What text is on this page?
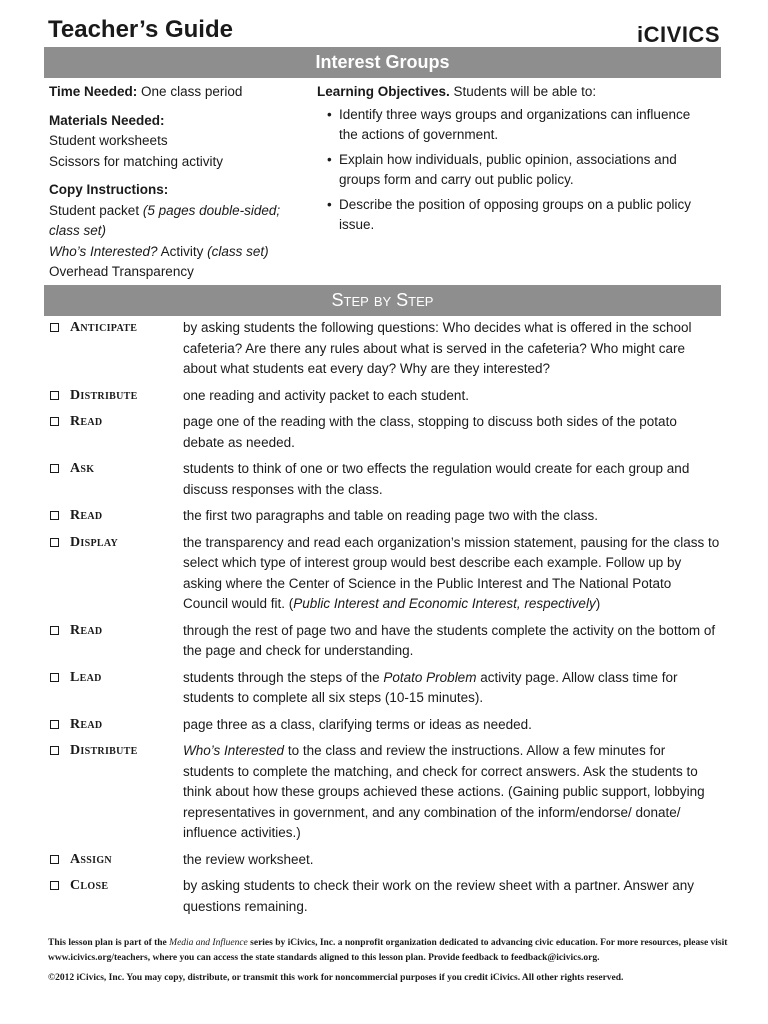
Teacher’s Guide	iCIVICS
Interest Groups
Time Needed: One class period
Materials Needed:
Student worksheets
Scissors for matching activity
Copy Instructions:
Student packet (5 pages double-sided; class set)
Who’s Interested? Activity (class set)
Overhead Transparency
Learning Objectives. Students will be able to:
• Identify three ways groups and organizations can influence the actions of government.
• Explain how individuals, public opinion, associations and groups form and carry out public policy.
• Describe the position of opposing groups on a public policy issue.
Step by Step
Anticipate	by asking students the following questions: Who decides what is offered in the school cafeteria? Are there any rules about what is served in the cafeteria? Who might care about what students eat every day? Why are they interested?
Distribute	one reading and activity packet to each student.
Read	page one of the reading with the class, stopping to discuss both sides of the potato debate as needed.
Ask	students to think of one or two effects the regulation would create for each group and discuss responses with the class.
Read	the first two paragraphs and table on reading page two with the class.
Display	the transparency and read each organization’s mission statement, pausing for the class to select which type of interest group would best describe each example. Follow up by asking where the Center of Science in the Public Interest and The National Potato Council would fit. (Public Interest and Economic Interest, respectively)
Read	through the rest of page two and have the students complete the activity on the bottom of the page and check for understanding.
Lead	students through the steps of the Potato Problem activity page. Allow class time for students to complete all six steps (10-15 minutes).
Read	page three as a class, clarifying terms or ideas as needed.
Distribute	Who’s Interested to the class and review the instructions. Allow a few minutes for students to complete the matching, and check for correct answers. Ask the students to think about how these groups achieved these actions. (Gaining public support, lobbying representatives in government, and any combination of the inform/endorse/ donate/ influence activities.)
Assign	the review worksheet.
Close	by asking students to check their work on the review sheet with a partner. Answer any questions remaining.

This lesson plan is part of the Media and Influence series by iCivics, Inc. a nonprofit organization dedicated to advancing civic education. For more resources, please visit www.icivics.org/teachers, where you can access the state standards aligned to this lesson plan. Provide feedback to feedback@icivics.org.

©2012 iCivics, Inc. You may copy, distribute, or transmit this work for noncommercial purposes if you credit iCivics. All other rights reserved.
